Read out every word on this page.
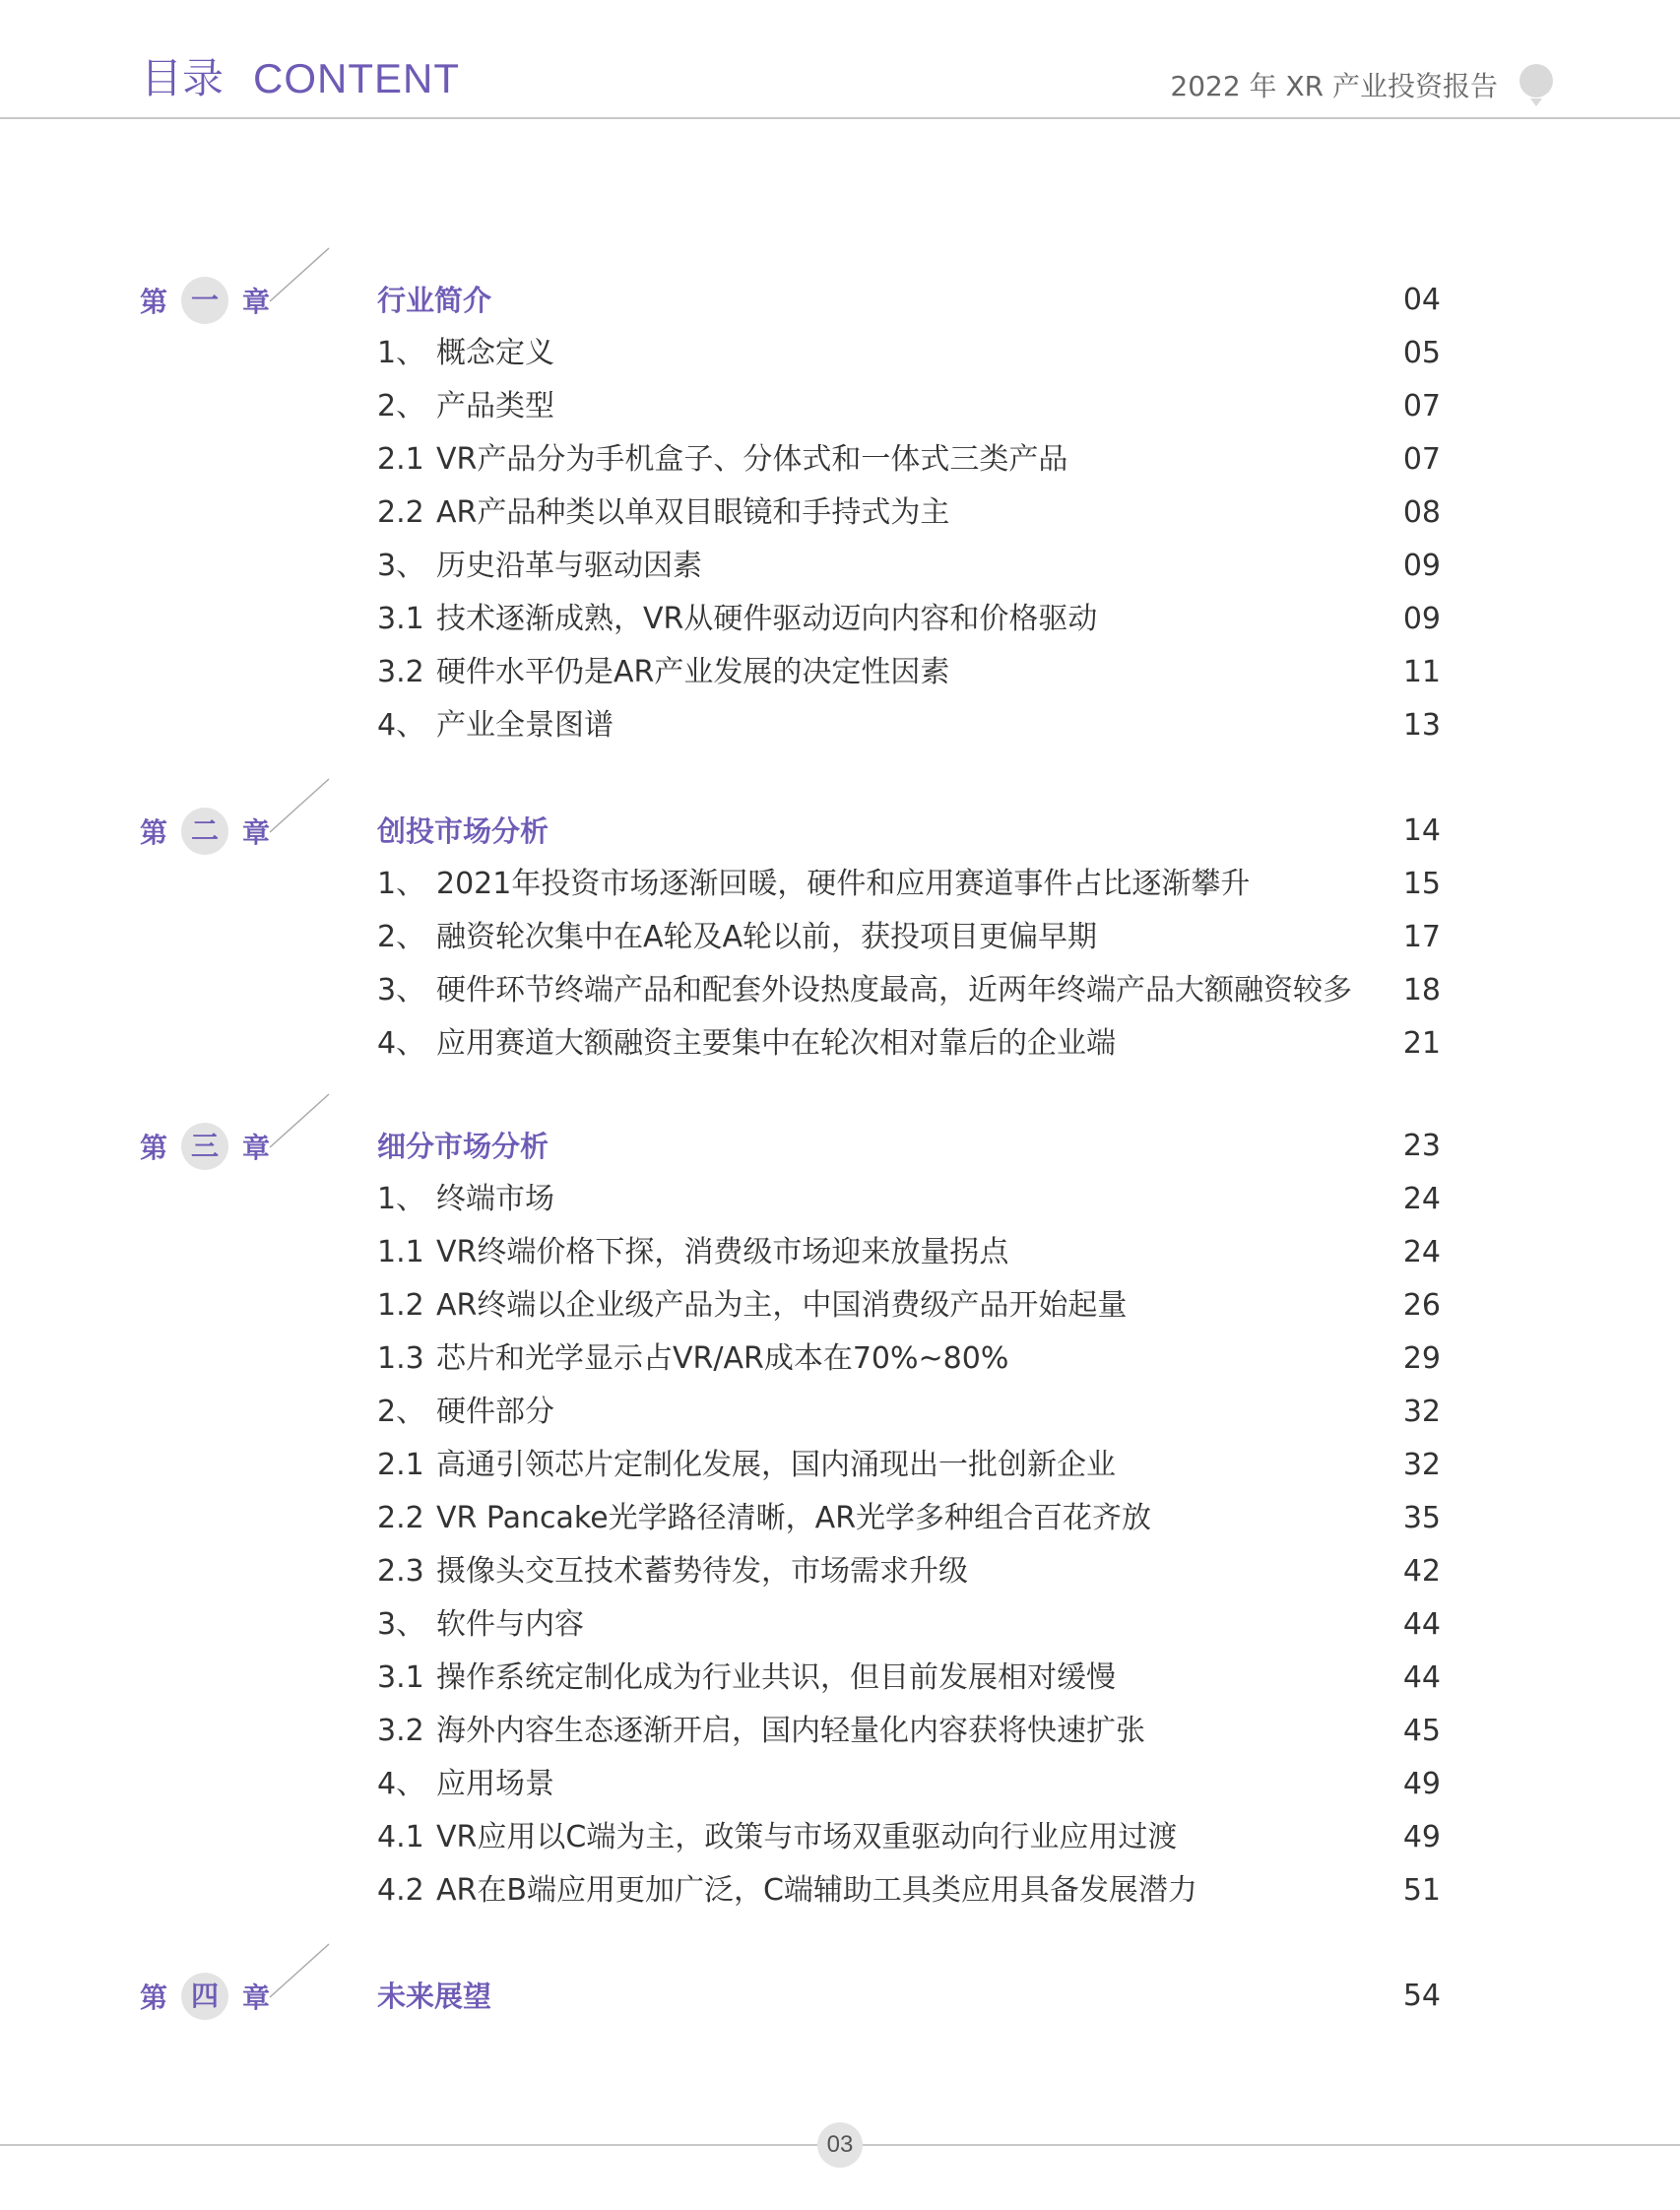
目录 CONTENT	2022 年 XR 产业投资报告
第 一 章	行业简介	04
1、 概念定义	05
2、 产品类型	07
2.1 VR产品分为手机盒子、分体式和一体式三类产品	07
2.2 AR产品种类以单双目眼镜和手持式为主	08
3、 历史沿革与驱动因素	09
3.1 技术逐渐成熟，VR从硬件驱动迈向内容和价格驱动	09
3.2 硬件水平仍是AR产业发展的决定性因素	11
4、 产业全景图谱	13
第 二 章	创投市场分析	14
1、 2021年投资市场逐渐回暖，硬件和应用赛道事件占比逐渐攀升	15
2、 融资轮次集中在A轮及A轮以前，获投项目更偏早期	17
3、 硬件环节终端产品和配套外设热度最高，近两年终端产品大额融资较多 18
4、 应用赛道大额融资主要集中在轮次相对靠后的企业端	21
第 三 章	细分市场分析	23
1、 终端市场	24
1.1 VR终端价格下探，消费级市场迎来放量拐点	24
1.2 AR终端以企业级产品为主，中国消费级产品开始起量	26
1.3 芯片和光学显示占VR/AR成本在70%~80%	29
2、 硬件部分	32
2.1 高通引领芯片定制化发展，国内涌现出一批创新企业	32
2.2 VR Pancake光学路径清晰，AR光学多种组合百花齐放	35
2.3 摄像头交互技术蓄势待发，市场需求升级	42
3、 软件与内容	44
3.1 操作系统定制化成为行业共识，但目前发展相对缓慢	44
3.2 海外内容生态逐渐开启，国内轻量化内容获将快速扩张	45
4、 应用场景	49
4.1 VR应用以C端为主，政策与市场双重驱动向行业应用过渡	49
4.2 AR在B端应用更加广泛，C端辅助工具类应用具备发展潜力	51
第 四 章	未来展望	54
03
